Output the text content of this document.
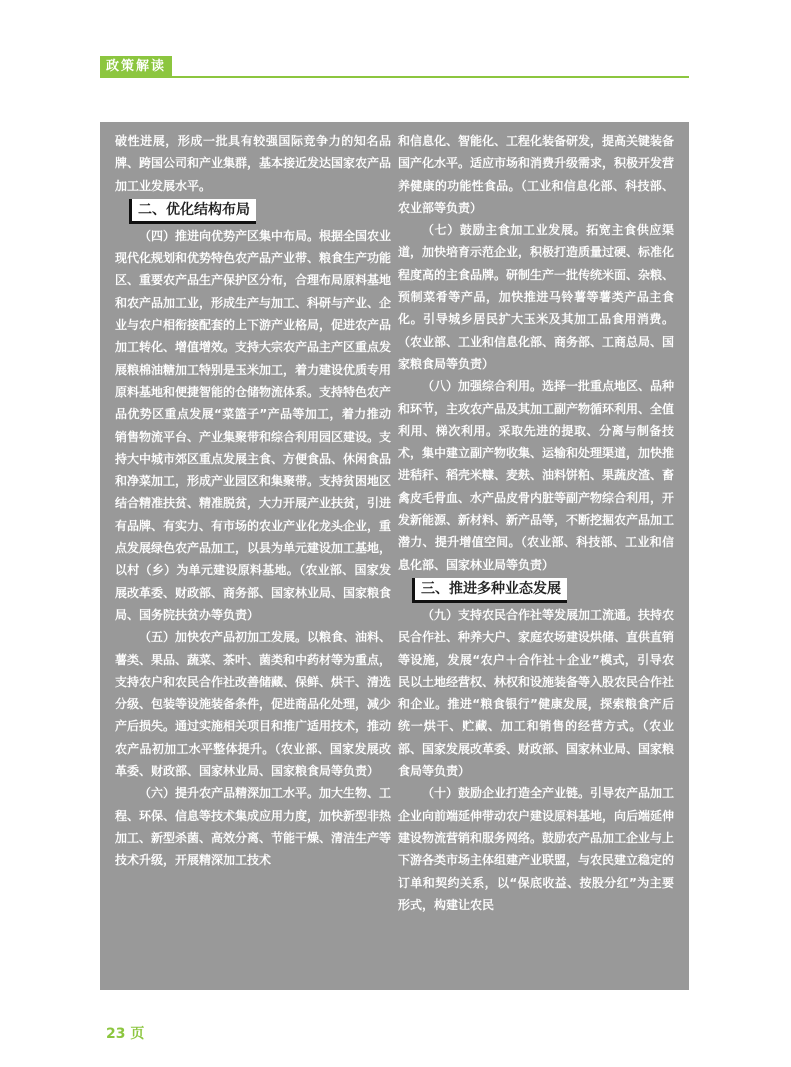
政策解读

破性进展，形成一批具有较强国际竞争力的知名品牌、跨国公司和产业集群，基本接近发达国家农产品加工业发展水平。

二、优化结构布局

（四）推进向优势产区集中布局。根据全国农业现代化规划和优势特色农产品产业带、粮食生产功能区、重要农产品生产保护区分布，合理布局原料基地和农产品加工业，形成生产与加工、科研与产业、企业与农户相衔接配套的上下游产业格局，促进农产品加工转化、增值增效。支持大宗农产品主产区重点发展粮棉油糖加工特别是玉米加工，着力建设优质专用原料基地和便捷智能的仓储物流体系。支持特色农产品优势区重点发展“菜篮子”产品等加工，着力推动销售物流平台、产业集聚带和综合利用园区建设。支持大中城市郊区重点发展主食、方便食品、休闲食品和净菜加工，形成产业园区和集聚带。支持贫困地区结合精准扶贫、精准脱贫，大力开展产业扶贫，引进有品牌、有实力、有市场的农业产业化龙头企业，重点发展绿色农产品加工，以县为单元建设加工基地，以村（乡）为单元建设原料基地。（农业部、国家发展改革委、财政部、商务部、国家林业局、国家粮食局、国务院扶贫办等负责）

（五）加快农产品初加工发展。以粮食、油料、薯类、果品、蔬菜、茶叶、菌类和中药材等为重点，支持农户和农民合作社改善储藏、保鲜、烘干、清选分级、包装等设施装备条件，促进商品化处理，减少产后损失。通过实施相关项目和推广适用技术，推动农产品初加工水平整体提升。（农业部、国家发展改革委、财政部、国家林业局、国家粮食局等负责）

（六）提升农产品精深加工水平。加大生物、工程、环保、信息等技术集成应用力度，加快新型非热加工、新型杀菌、高效分离、节能干燥、清洁生产等技术升级，开展精深加工技术

和信息化、智能化、工程化装备研发，提高关键装备国产化水平。适应市场和消费升级需求，积极开发营养健康的功能性食品。（工业和信息化部、科技部、农业部等负责）

（七）鼓励主食加工业发展。拓宽主食供应渠道，加快培育示范企业，积极打造质量过硬、标准化程度高的主食品牌。研制生产一批传统米面、杂粮、预制菜肴等产品，加快推进马铃薯等薯类产品主食化。引导城乡居民扩大玉米及其加工品食用消费。（农业部、工业和信息化部、商务部、工商总局、国家粮食局等负责）

（八）加强综合利用。选择一批重点地区、品种和环节，主攻农产品及其加工副产物循环利用、全值利用、梯次利用。采取先进的提取、分离与制备技术，集中建立副产物收集、运输和处理渠道，加快推进秸秆、稻壳米糠、麦麸、油料饼粕、果蔬皮渣、畜禽皮毛骨血、水产品皮骨内脏等副产物综合利用，开发新能源、新材料、新产品等，不断挖掘农产品加工潜力、提升增值空间。（农业部、科技部、工业和信息化部、国家林业局等负责）

三、推进多种业态发展

（九）支持农民合作社等发展加工流通。扶持农民合作社、种养大户、家庭农场建设烘储、直供直销等设施，发展“农户＋合作社＋企业”模式，引导农民以土地经营权、林权和设施装备等入股农民合作社和企业。推进“粮食银行”健康发展，探索粮食产后统一烘干、贮藏、加工和销售的经营方式。（农业部、国家发展改革委、财政部、国家林业局、国家粮食局等负责）

（十）鼓励企业打造全产业链。引导农产品加工企业向前端延伸带动农户建设原料基地，向后端延伸建设物流营销和服务网络。鼓励农产品加工企业与上下游各类市场主体组建产业联盟，与农民建立稳定的订单和契约关系，以“保底收益、按股分红”为主要形式，构建让农民

23 页
